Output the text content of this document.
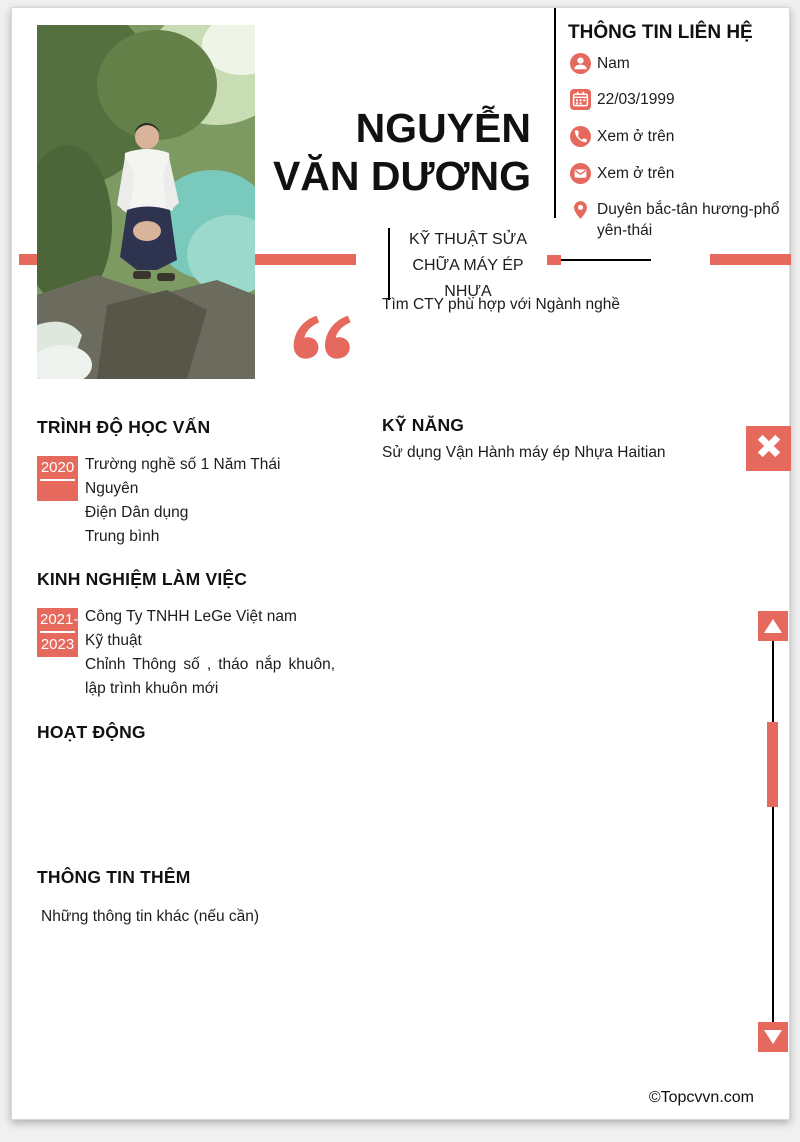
NGUYỄN
VĂN DƯƠNG
KỸ THUẬT SỬA CHỮA MÁY ÉP NHỰA
Tìm CTY phù hợp với Ngành nghề
THÔNG TIN LIÊN HỆ
Nam
22/03/1999
Xem ở trên
Xem ở trên
Duyên bắc-tân hương-phổ yên-thái
TRÌNH ĐỘ HỌC VẤN
2020 Trường nghề số 1 Năm Thái Nguyên
Điện Dân dụng
Trung bình
KINH NGHIỆM LÀM VIỆC
2021-
2023
Công Ty TNHH LeGe Việt nam
Kỹ thuật
Chỉnh Thông số , tháo nắp khuôn, lập trình khuôn mới
HOẠT ĐỘNG
THÔNG TIN THÊM
Những thông tin khác (nếu cần)
KỸ NĂNG
Sử dụng Vận Hành máy ép Nhựa Haitian
©Topcvvn.com
